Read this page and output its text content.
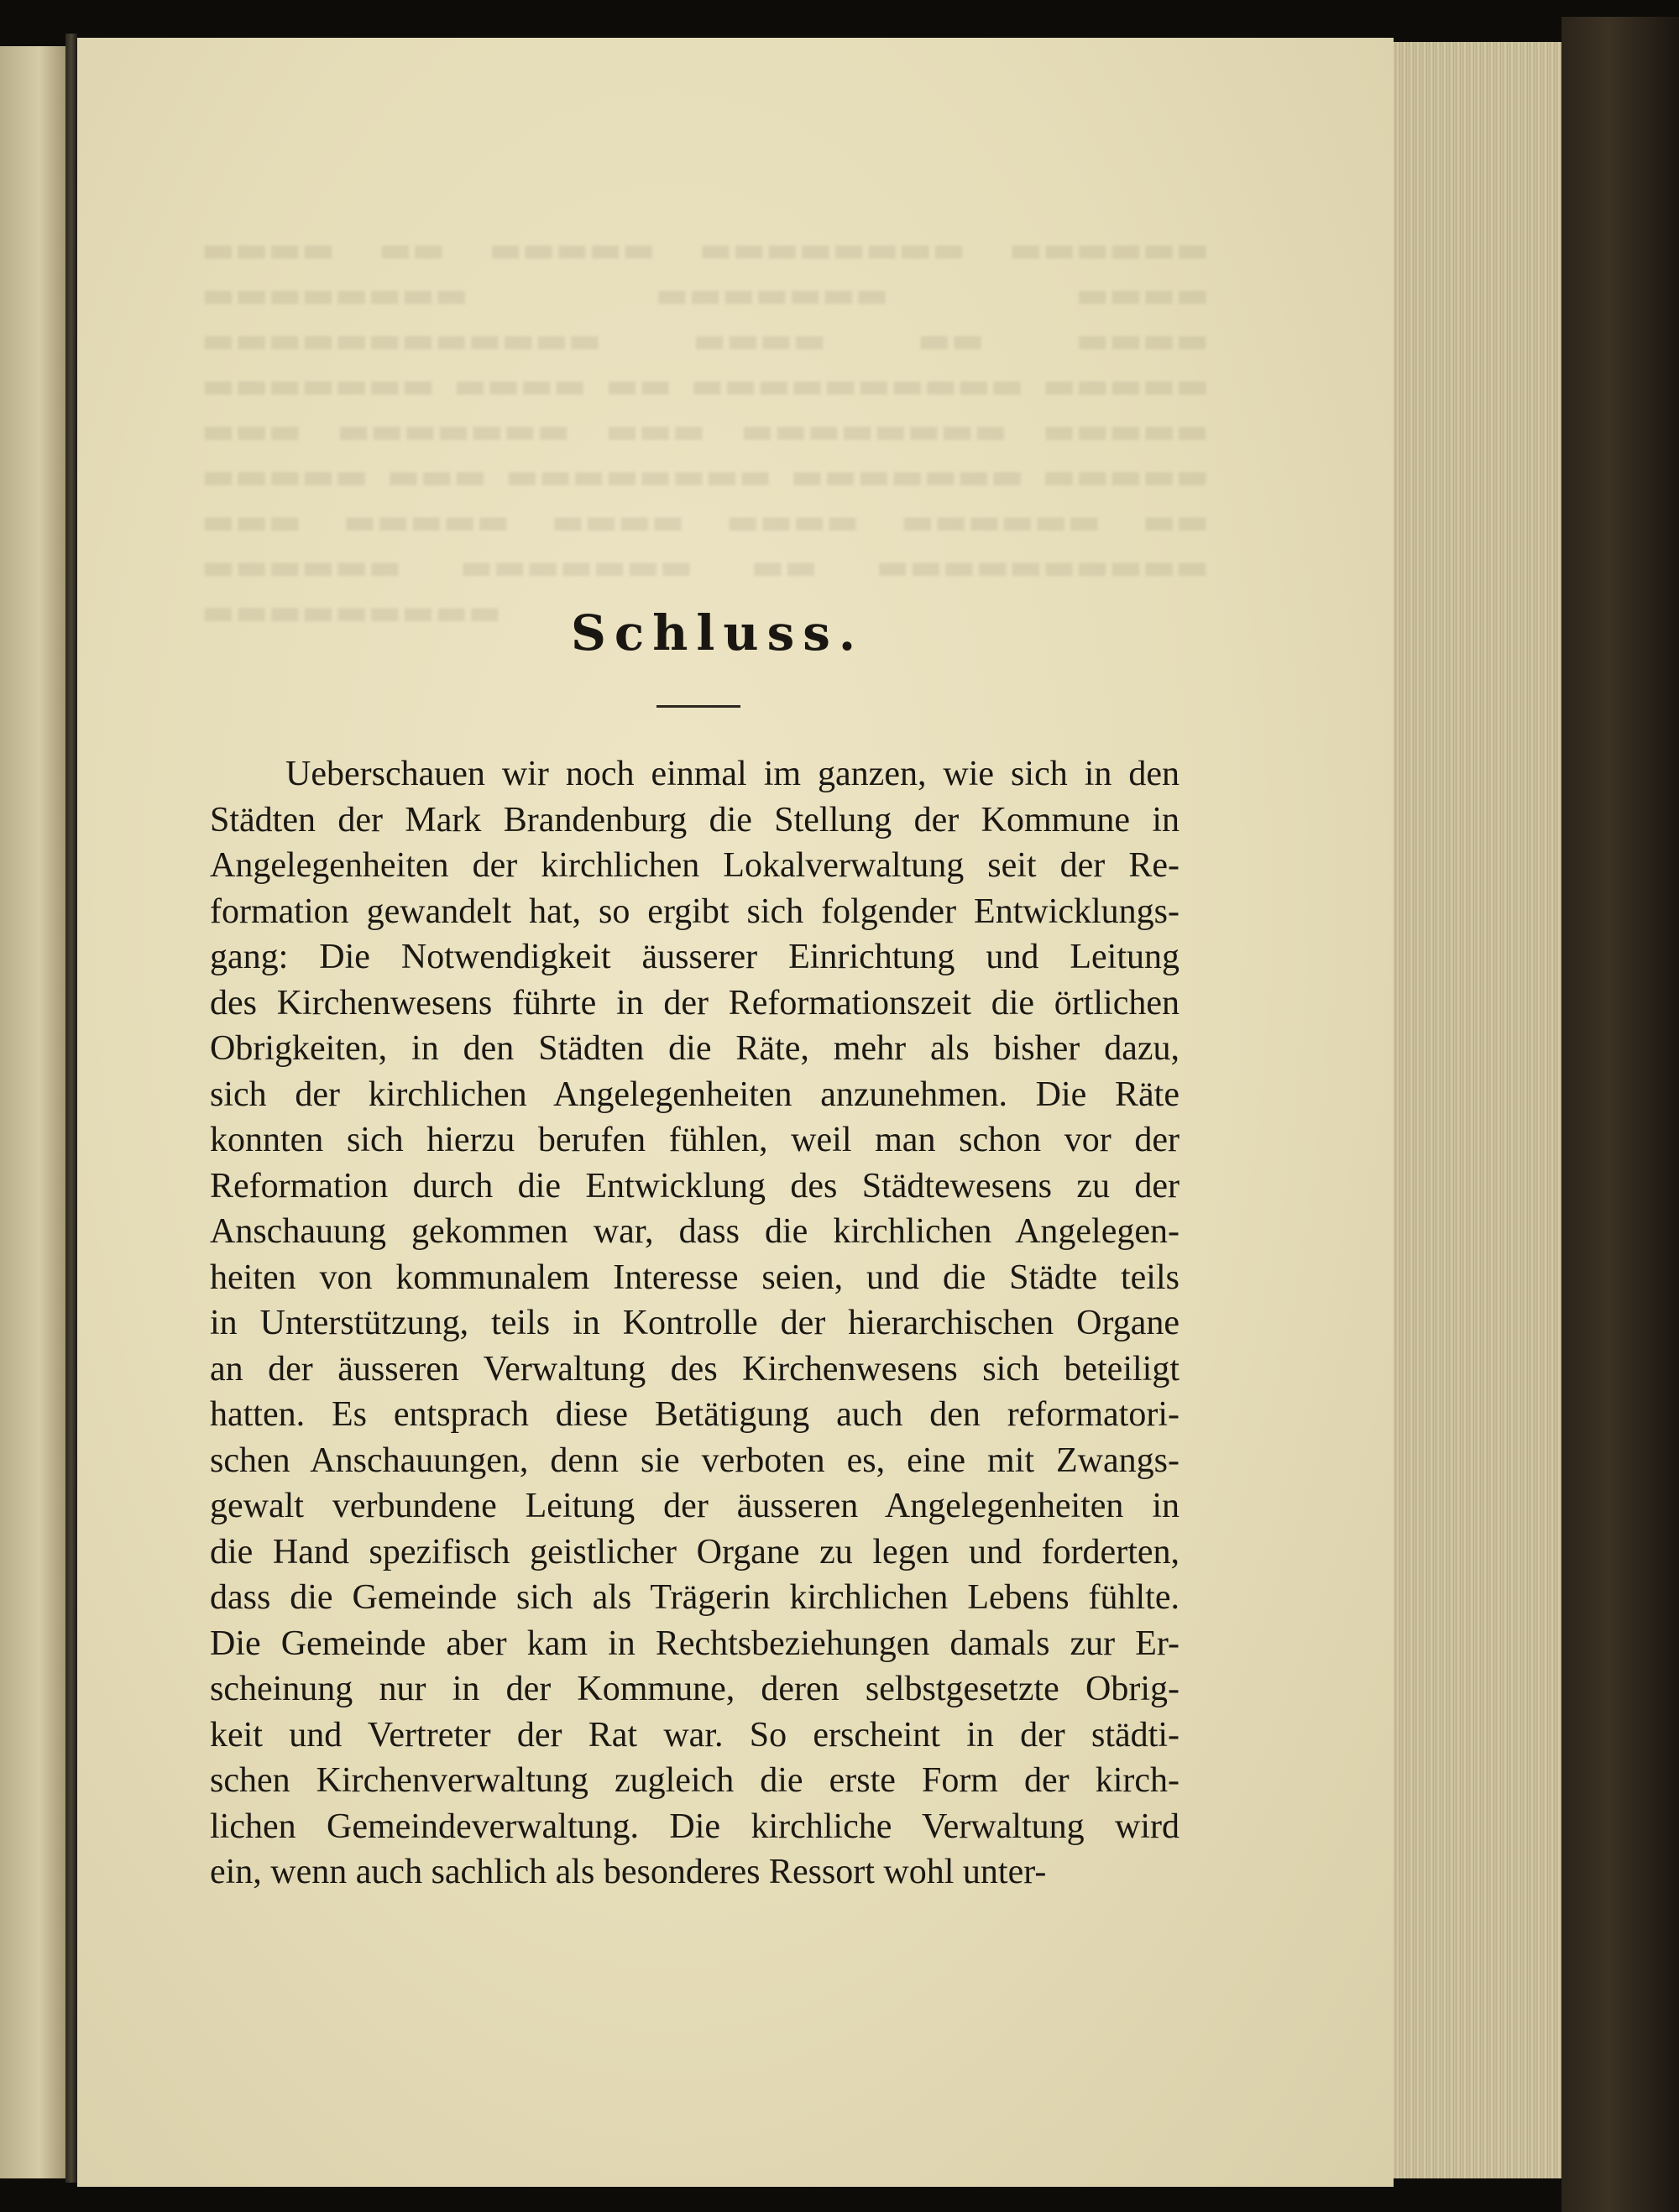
▬▬▬▬ ▬▬ ▬▬▬▬▬ ▬▬▬▬▬▬▬▬ ▬▬▬▬▬▬ ▬▬▬▬▬▬▬▬ ▬▬▬▬▬▬▬ ▬▬▬▬ ▬▬▬▬▬▬▬▬▬▬▬▬ ▬▬▬▬ ▬▬ ▬▬▬▬ ▬▬▬▬▬▬▬ ▬▬▬▬ ▬▬ ▬▬▬▬▬▬▬▬▬▬ ▬▬▬▬▬ ▬▬▬ ▬▬▬▬▬▬▬ ▬▬▬ ▬▬▬▬▬▬▬▬ ▬▬▬▬▬ ▬▬▬▬▬ ▬▬▬ ▬▬▬▬▬▬▬▬ ▬▬▬▬▬▬▬ ▬▬▬▬▬ ▬▬▬ ▬▬▬▬▬ ▬▬▬▬ ▬▬▬▬ ▬▬▬▬▬▬ ▬▬ ▬▬▬▬▬▬ ▬▬▬▬▬▬▬ ▬▬ ▬▬▬▬▬▬▬▬▬▬ ▬▬▬▬▬▬▬▬▬	Schluss.
Ueberschauen wir noch einmal im ganzen, wie sich in den
Städten der Mark Brandenburg die Stellung der Kommune in
Angelegenheiten der kirchlichen Lokalverwaltung seit der Re-
formation gewandelt hat, so ergibt sich folgender Entwicklungs-
gang: Die Notwendigkeit äusserer Einrichtung und Leitung
des Kirchenwesens führte in der Reformationszeit die örtlichen
Obrigkeiten, in den Städten die Räte, mehr als bisher dazu,
sich der kirchlichen Angelegenheiten anzunehmen. Die Räte
konnten sich hierzu berufen fühlen, weil man schon vor der
Reformation durch die Entwicklung des Städtewesens zu der
Anschauung gekommen war, dass die kirchlichen Angelegen-
heiten von kommunalem Interesse seien, und die Städte teils
in Unterstützung, teils in Kontrolle der hierarchischen Organe
an der äusseren Verwaltung des Kirchenwesens sich beteiligt
hatten. Es entsprach diese Betätigung auch den reformatori-
schen Anschauungen, denn sie verboten es, eine mit Zwangs-
gewalt verbundene Leitung der äusseren Angelegenheiten in
die Hand spezifisch geistlicher Organe zu legen und forderten,
dass die Gemeinde sich als Trägerin kirchlichen Lebens fühlte.
Die Gemeinde aber kam in Rechtsbeziehungen damals zur Er-
scheinung nur in der Kommune, deren selbstgesetzte Obrig-
keit und Vertreter der Rat war. So erscheint in der städti-
schen Kirchenverwaltung zugleich die erste Form der kirch-
lichen Gemeindeverwaltung. Die kirchliche Verwaltung wird
ein, wenn auch sachlich als besonderes Ressort wohl unter-
